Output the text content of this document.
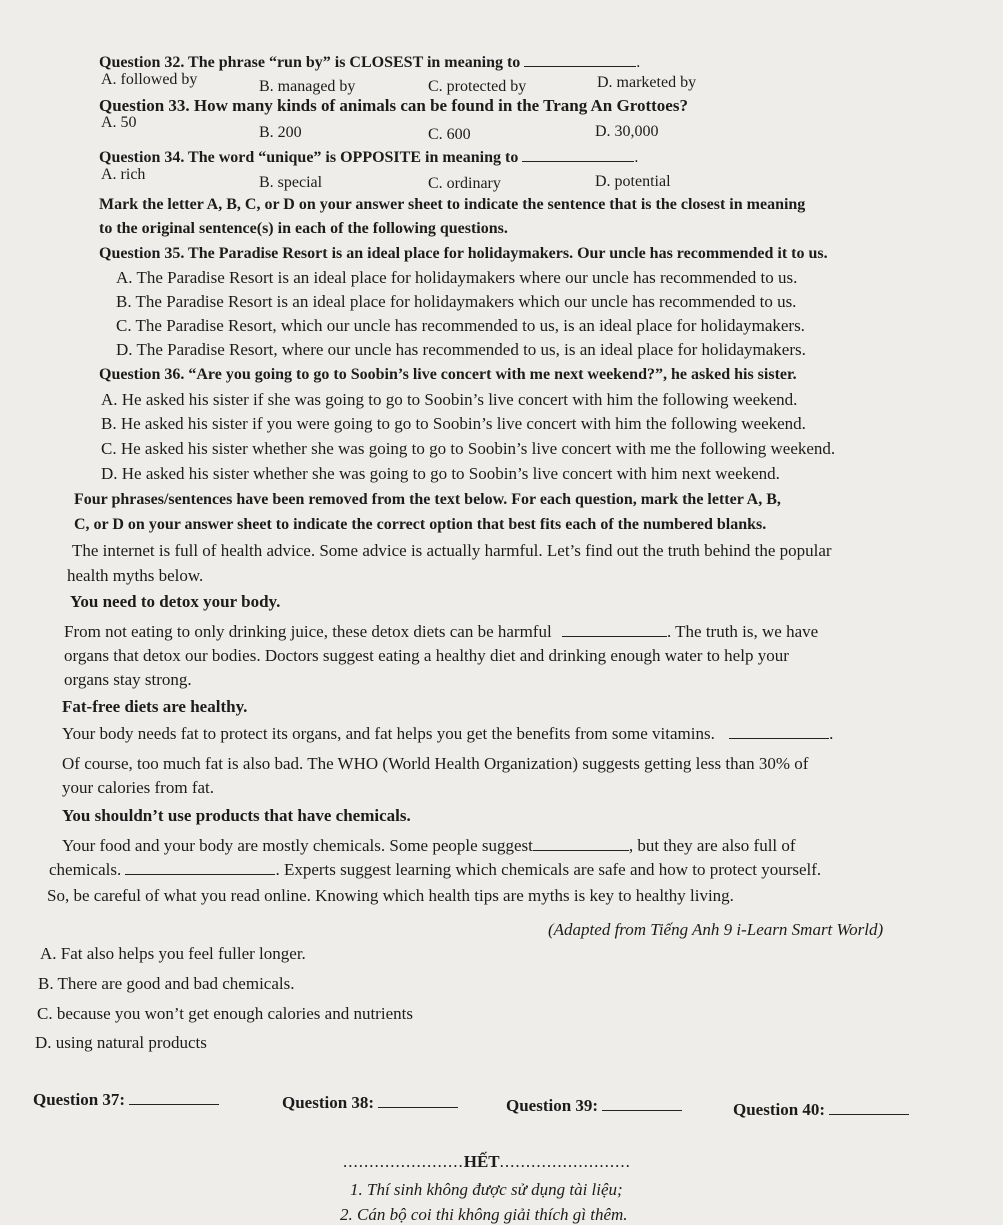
Question 32. The phrase “run by” is CLOSEST in meaning to	.
A. followed by	B. managed by	C. protected by	D. marketed by
Question 33. How many kinds of animals can be found in the Trang An Grottoes?
A. 50
B. 200	C. 600	D. 30,000
Question 34. The word “unique” is OPPOSITE in meaning to	.
A. rich	B. special	C. ordinary	D. potential
Mark the letter A, B, C, or D on your answer sheet to indicate the sentence that is the closest in meaning
to the original sentence(s) in each of the following questions.
Question 35. The Paradise Resort is an ideal place for holidaymakers. Our uncle has recommended it to us.
A. The Paradise Resort is an ideal place for holidaymakers where our uncle has recommended to us.
B. The Paradise Resort is an ideal place for holidaymakers which our uncle has recommended to us.
C. The Paradise Resort, which our uncle has recommended to us, is an ideal place for holidaymakers.
D. The Paradise Resort, where our uncle has recommended to us, is an ideal place for holidaymakers.
Question 36. “Are you going to go to Soobin’s live concert with me next weekend?”, he asked his sister.
A. He asked his sister if she was going to go to Soobin’s live concert with him the following weekend.
B. He asked his sister if you were going to go to Soobin’s live concert with him the following weekend.
C. He asked his sister whether she was going to go to Soobin’s live concert with me the following weekend.
D. He asked his sister whether she was going to go to Soobin’s live concert with him next weekend.
Four phrases/sentences have been removed from the text below. For each question, mark the letter A, B,
C, or D on your answer sheet to indicate the correct option that best fits each of the numbered blanks.
The internet is full of health advice. Some advice is actually harmful. Let’s find out the truth behind the popular
health myths below.
You need to detox your body.
From not eating to only drinking juice, these detox diets can be harmful	. The truth is, we have
organs that detox our bodies. Doctors suggest eating a healthy diet and drinking enough water to help your
organs stay strong.
Fat-free diets are healthy.
Your body needs fat to protect its organs, and fat helps you get the benefits from some vitamins.	.
Of course, too much fat is also bad. The WHO (World Health Organization) suggests getting less than 30% of
your calories from fat.
You shouldn’t use products that have chemicals.
Your food and your body are mostly chemicals. Some people suggest	, but they are also full of
chemicals.	. Experts suggest learning which chemicals are safe and how to protect yourself.
So, be careful of what you read online. Knowing which health tips are myths is key to healthy living.
(Adapted from Tiếng Anh 9 i-Learn Smart World)
A. Fat also helps you feel fuller longer.
B. There are good and bad chemicals.
C. because you won’t get enough calories and nutrients
D. using natural products
Question 37:	Question 38:	Question 39:	Question 40:
.......................HẾT.........................
1. Thí sinh không được sử dụng tài liệu;
2. Cán bộ coi thi không giải thích gì thêm.
